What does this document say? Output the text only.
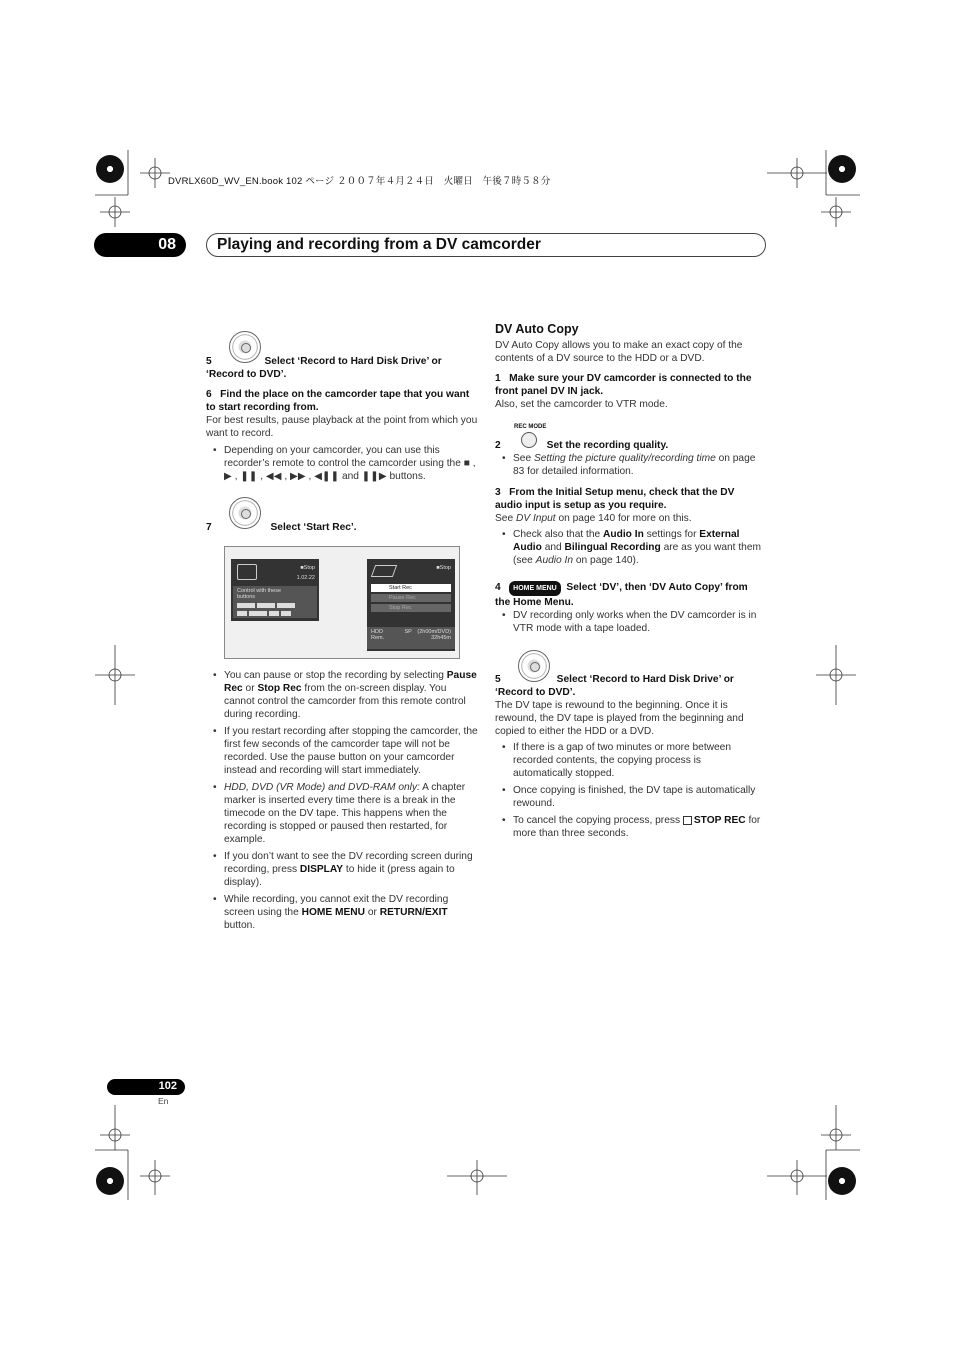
DVRLX60D_WV_EN.book 102 ページ ２００７年４月２４日　火曜日　午後７時５８分
08	Playing and recording from a DV camcorder
5	Select ‘Record to Hard Disk Drive’ or ‘Record to DVD’.
6 Find the place on the camcorder tape that you want to start recording from.
For best results, pause playback at the point from which you want to record.
• Depending on your camcorder, you can use this recorder’s remote to control the camcorder using the ■ , ▶ , ❚❚ , ◀◀ , ▶▶ , ◀❚❚ and ❚❚▶ buttons.
7	Select ‘Start Rec’.
■Stop
1.02.22
Control with these buttons

■Stop
Start Rec
Pause Rec
Stop Rec
HDD	SP (2h00m/DVD)

Rem.	32h45m
• You can pause or stop the recording by selecting Pause Rec or Stop Rec from the on-screen display. You cannot control the camcorder from this remote control during recording.
• If you restart recording after stopping the camcorder, the first few seconds of the camcorder tape will not be recorded. Use the pause button on your camcorder instead and recording will start immediately.
• HDD, DVD (VR Mode) and DVD-RAM only: A chapter marker is inserted every time there is a break in the timecode on the DV tape. This happens when the recording is stopped or paused then restarted, for example.
• If you don’t want to see the DV recording screen during recording, press DISPLAY to hide it (press again to display).
• While recording, you cannot exit the DV recording screen using the HOME MENU or RETURN/EXIT button.
DV Auto Copy
DV Auto Copy allows you to make an exact copy of the contents of a DV source to the HDD or a DVD.
1 Make sure your DV camcorder is connected to the front panel DV IN jack.
Also, set the camcorder to VTR mode.
REC MODE
2	Set the recording quality.
• See Setting the picture quality/recording time on page 83 for detailed information.
3 From the Initial Setup menu, check that the DV audio input is setup as you require.
See DV Input on page 140 for more on this.
• Check also that the Audio In settings for External Audio and Bilingual Recording are as you want them (see Audio In on page 140).
4 HOME MENU Select ‘DV’, then ‘DV Auto Copy’ from the Home Menu.
• DV recording only works when the DV camcorder is in VTR mode with a tape loaded.
5	Select ‘Record to Hard Disk Drive’ or ‘Record to DVD’.
The DV tape is rewound to the beginning. Once it is rewound, the DV tape is played from the beginning and copied to either the HDD or a DVD.
• If there is a gap of two minutes or more between recorded contents, the copying process is automatically stopped.
• Once copying is finished, the DV tape is automatically rewound.
• To cancel the copying process, press STOP REC for more than three seconds.
102
En
